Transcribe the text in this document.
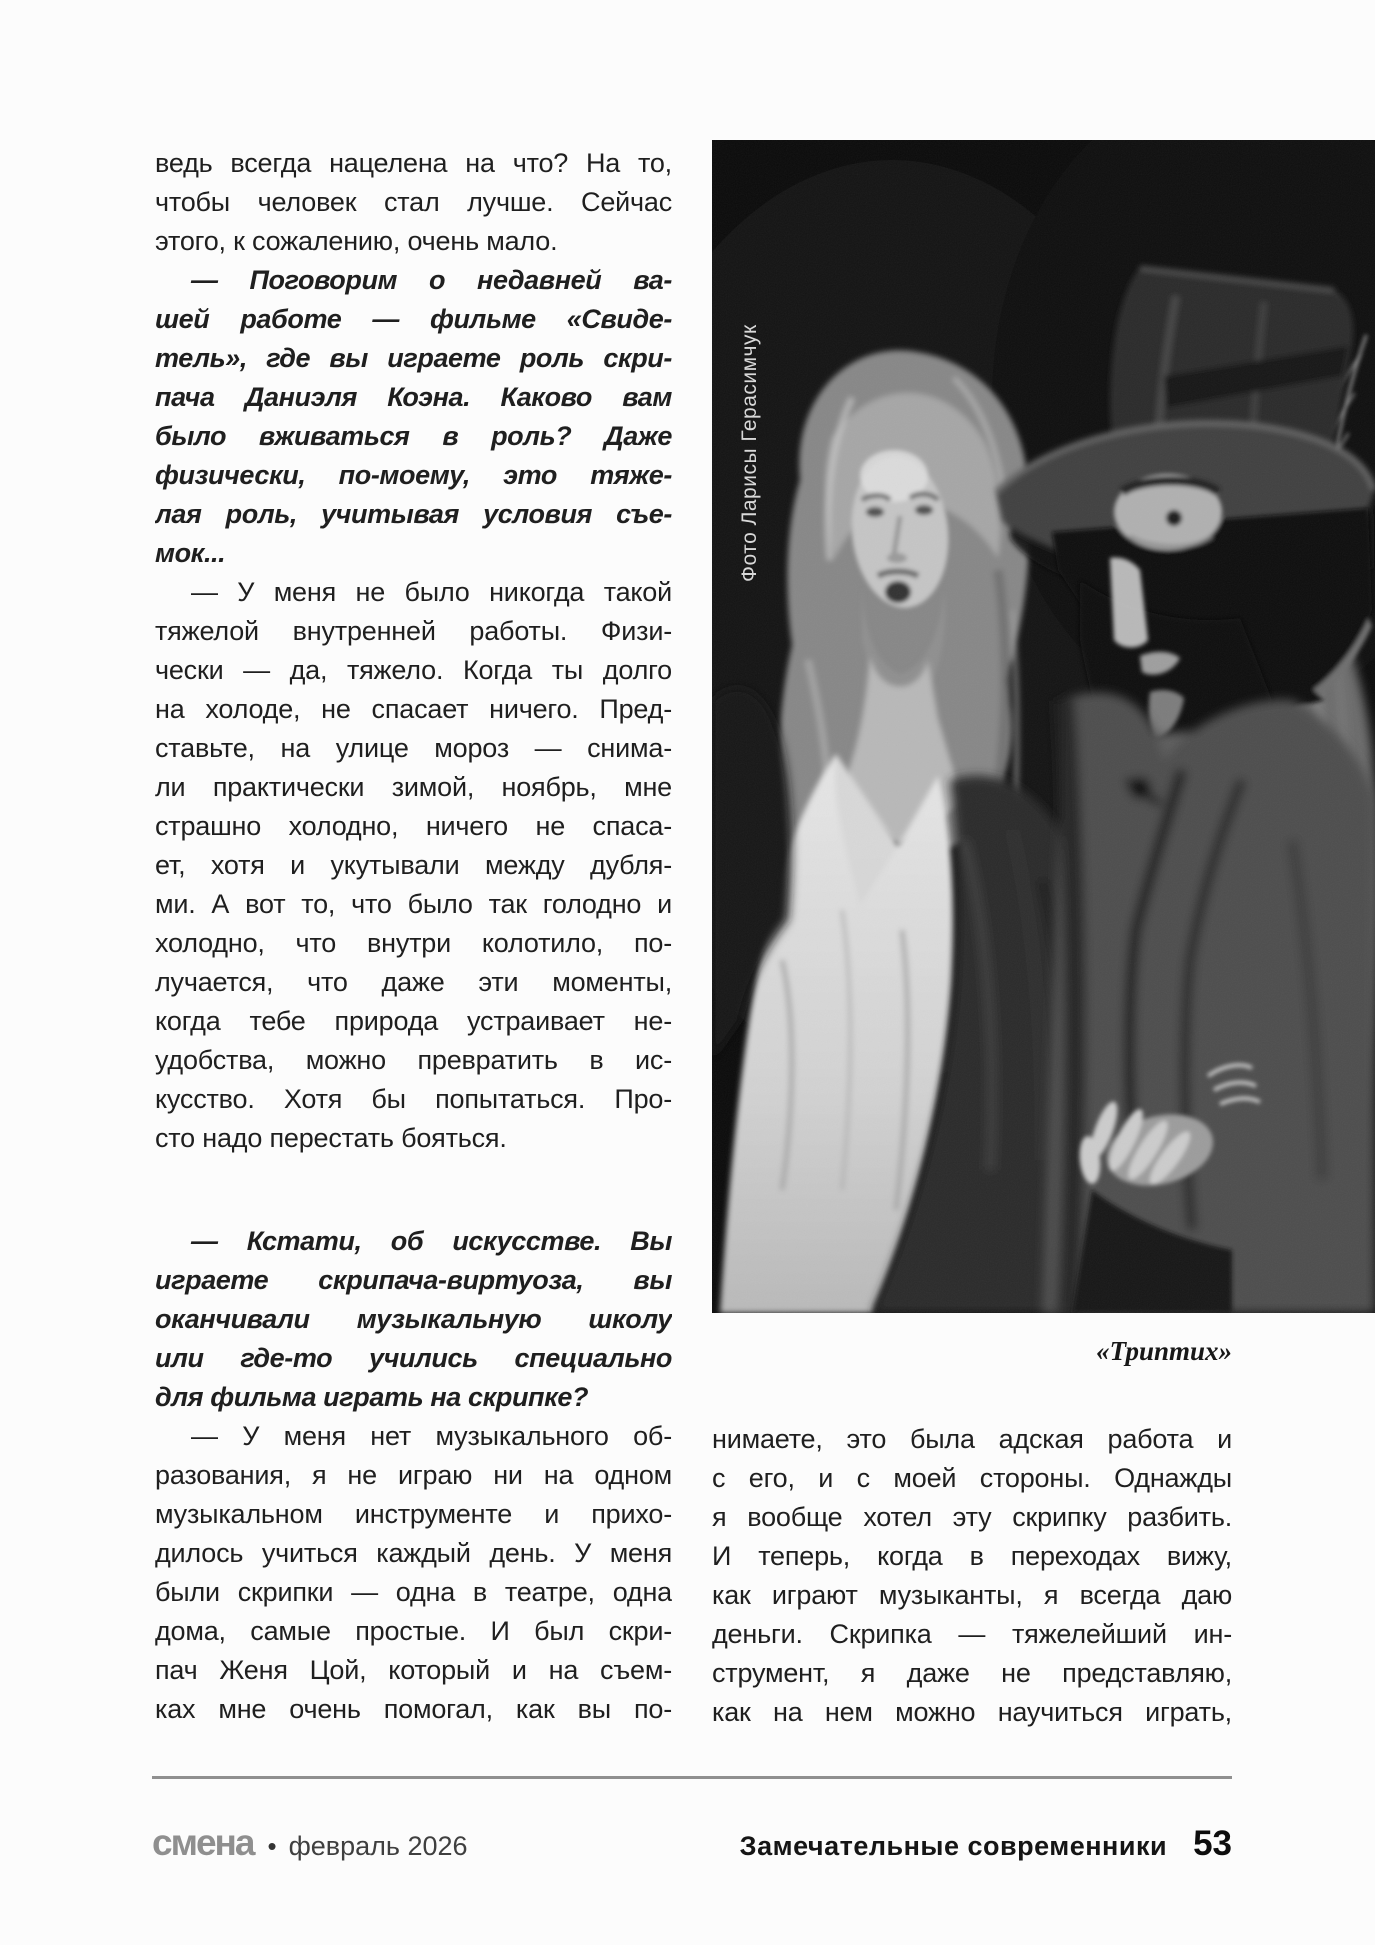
ведь всегда нацелена на что? На то,
чтобы человек стал лучше. Сейчас
этого, к сожалению, очень мало.
— Поговорим о недавней ва-
шей работе — фильме «Свиде-
тель», где вы играете роль скри-
пача Даниэля Коэна. Каково вам
было вживаться в роль? Даже
физически, по-моему, это тяже-
лая роль, учитывая условия съе-
мок...
— У меня не было никогда такой
тяжелой внутренней работы. Физи-
чески — да, тяжело. Когда ты долго
на холоде, не спасает ничего. Пред-
ставьте, на улице мороз — снима-
ли практически зимой, ноябрь, мне
страшно холодно, ничего не спаса-
ет, хотя и укутывали между дубля-
ми. А вот то, что было так голодно и
холодно, что внутри колотило, по-
лучается, что даже эти моменты,
когда тебе природа устраивает не-
удобства, можно превратить в ис-
кусство. Хотя бы попытаться. Про-
сто надо перестать бояться.
— Кстати, об искусстве. Вы
играете скрипача-виртуоза, вы
оканчивали музыкальную школу
или где-то учились специально
для фильма играть на скрипке?
— У меня нет музыкального об-
разования, я не играю ни на одном
музыкальном инструменте и прихо-
дилось учиться каждый день. У меня
были скрипки — одна в театре, одна
дома, самые простые. И был скри-
пач Женя Цой, который и на съем-
ках мне очень помогал, как вы по-
Фото Ларисы Герасимчук
«Триптих»
нимаете, это была адская работа и
с его, и с моей стороны. Однажды
я вообще хотел эту скрипку разбить.
И теперь, когда в переходах вижу,
как играют музыканты, я всегда даю
деньги. Скрипка — тяжелейший ин-
струмент, я даже не представляю,
как на нем можно научиться играть,
смена • февраль 2026	Замечательные современники 53
